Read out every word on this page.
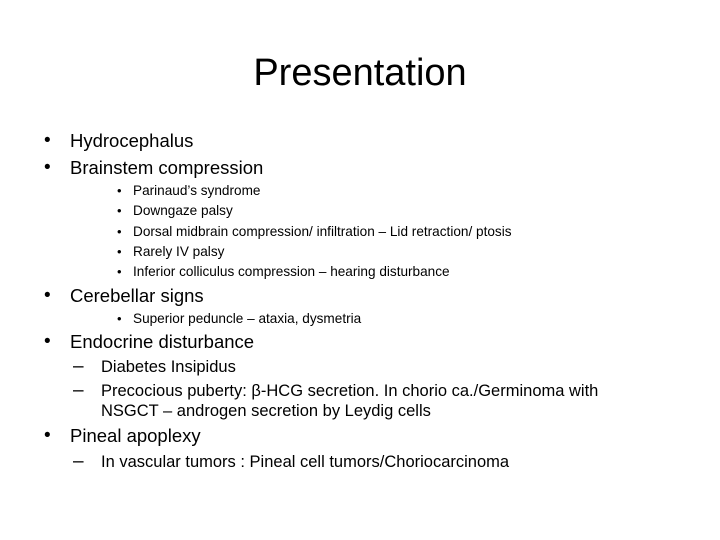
Presentation
• Hydrocephalus
• Brainstem compression
• Parinaud’s syndrome
• Downgaze palsy
• Dorsal midbrain compression/ infiltration – Lid retraction/ ptosis
• Rarely IV palsy
• Inferior colliculus compression – hearing disturbance
• Cerebellar signs
• Superior peduncle – ataxia, dysmetria
• Endocrine disturbance
– Diabetes Insipidus
– Precocious puberty: β-HCG secretion. In chorio ca./Germinoma with
NSGCT – androgen secretion by Leydig cells
• Pineal apoplexy
– In vascular tumors : Pineal cell tumors/Choriocarcinoma
